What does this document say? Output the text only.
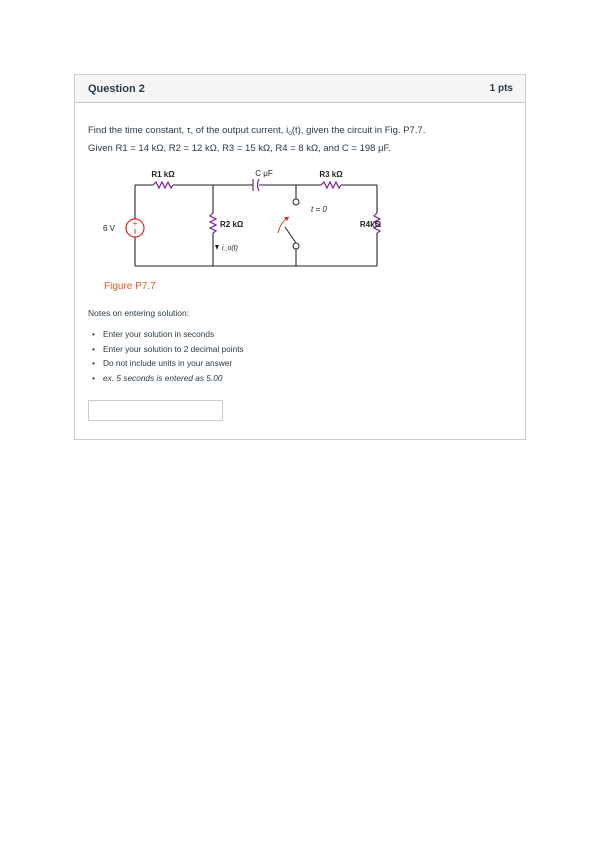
Question 2	1 pts
Find the time constant, τ, of the output current, $i_o(t)$, given the circuit in Fig. P7.7.
Given R1 = 14 kΩ, R2 = 12 kΩ, R3 = 15 kΩ, R4 = 8 kΩ, and C = 198 μF.
+
R1 kΩ	C μF	R3 kΩ
6 V	R2 kΩ	R4kΩ
t = 0
i_o(t)
Figure P7.7
Notes on entering solution:
• Enter your solution in seconds
• Enter your solution to 2 decimal points
• Do not include units in your answer
• ex. 5 seconds is entered as 5.00
